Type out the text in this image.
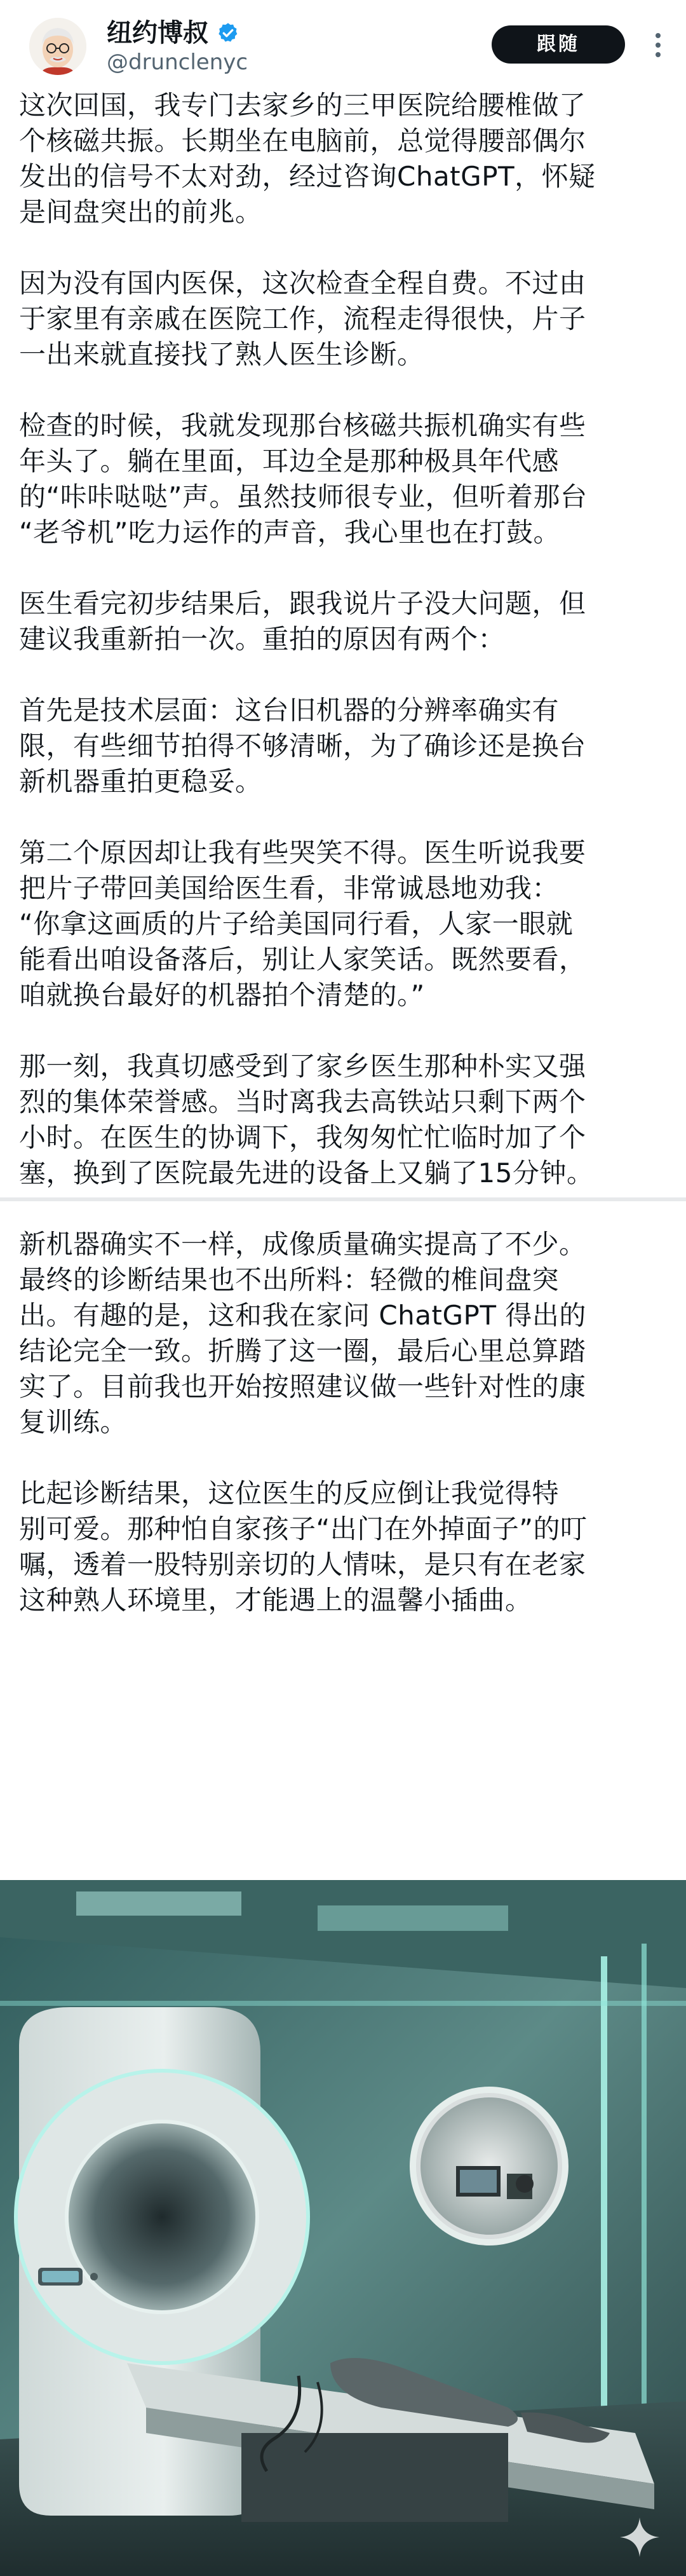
纽约博叔
@drunclenyc
跟随

这次回国，我专门去家乡的三甲医院给腰椎做了
个核磁共振。长期坐在电脑前，总觉得腰部偶尔
发出的信号不太对劲，经过咨询ChatGPT，怀疑
是间盘突出的前兆。

因为没有国内医保，这次检查全程自费。不过由
于家里有亲戚在医院工作，流程走得很快，片子
一出来就直接找了熟人医生诊断。

检查的时候，我就发现那台核磁共振机确实有些
年头了。躺在里面，耳边全是那种极具年代感
的“咔咔哒哒”声。虽然技师很专业，但听着那台
“老爷机”吃力运作的声音，我心里也在打鼓。

医生看完初步结果后，跟我说片子没大问题，但
建议我重新拍一次。重拍的原因有两个：

首先是技术层面：这台旧机器的分辨率确实有
限，有些细节拍得不够清晰，为了确诊还是换台
新机器重拍更稳妥。

第二个原因却让我有些哭笑不得。医生听说我要
把片子带回美国给医生看，非常诚恳地劝我：
“你拿这画质的片子给美国同行看，人家一眼就
能看出咱设备落后，别让人家笑话。既然要看，
咱就换台最好的机器拍个清楚的。”

那一刻，我真切感受到了家乡医生那种朴实又强
烈的集体荣誉感。当时离我去高铁站只剩下两个
小时。在医生的协调下，我匆匆忙忙临时加了个
塞，换到了医院最先进的设备上又躺了15分钟。

新机器确实不一样，成像质量确实提高了不少。
最终的诊断结果也不出所料：轻微的椎间盘突
出。有趣的是，这和我在家问 ChatGPT 得出的
结论完全一致。折腾了这一圈，最后心里总算踏
实了。目前我也开始按照建议做一些针对性的康
复训练。

比起诊断结果，这位医生的反应倒让我觉得特
别可爱。那种怕自家孩子“出门在外掉面子”的叮
嘱，透着一股特别亲切的人情味，是只有在老家
这种熟人环境里，才能遇上的温馨小插曲。
